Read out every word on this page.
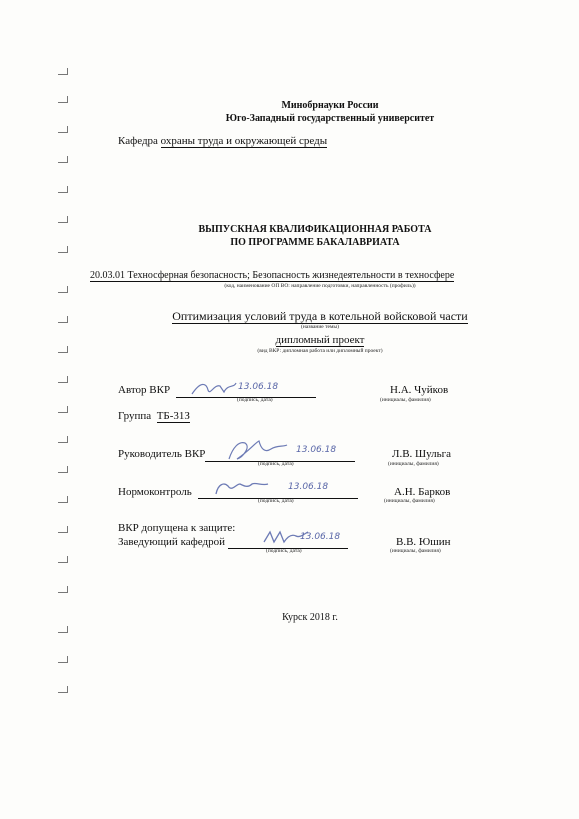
Минобрнауки России
Юго-Западный государственный университет
Кафедра охраны труда и окружающей среды
ВЫПУСКНАЯ КВАЛИФИКАЦИОННАЯ РАБОТА
ПО ПРОГРАММЕ БАКАЛАВРИАТА
20.03.01 Техносферная безопасность; Безопасность жизнедеятельности в техносфере
(код, наименование ОП ВО: направление подготовки, направленность (профиль))
Оптимизация условий труда в котельной войсковой части
(название темы)
дипломный проект
(вид ВКР: дипломная работа или дипломный проект)
Автор ВКР	13.06.18
(подпись, дата)
Н.А. Чуйков
(инициалы, фамилия)
Группа ТБ-31З
Руководитель ВКР	13.06.18
(подпись, дата)
Л.В. Шульга
(инициалы, фамилия)
Нормоконтроль	13.06.18
(подпись, дата)
А.Н. Барков
(инициалы, фамилия)
ВКР допущена к защите:
Заведующий кафедрой	13.06.18
(подпись, дата)
В.В. Юшин
(инициалы, фамилия)
Курск 2018 г.
